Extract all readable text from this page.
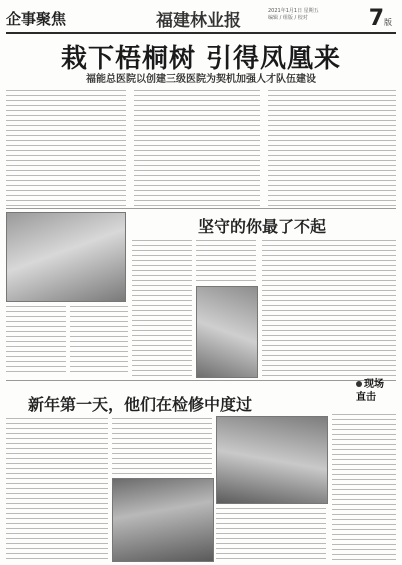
企事聚焦	福建林业报	2021年1月1日 星期五
编辑 / 组版 / 校对	7版
栽下梧桐树 引得凤凰来
福能总医院以创建三级医院为契机加强人才队伍建设
坚守的你最了不起
新年第一天，他们在检修中度过
现场
直击
